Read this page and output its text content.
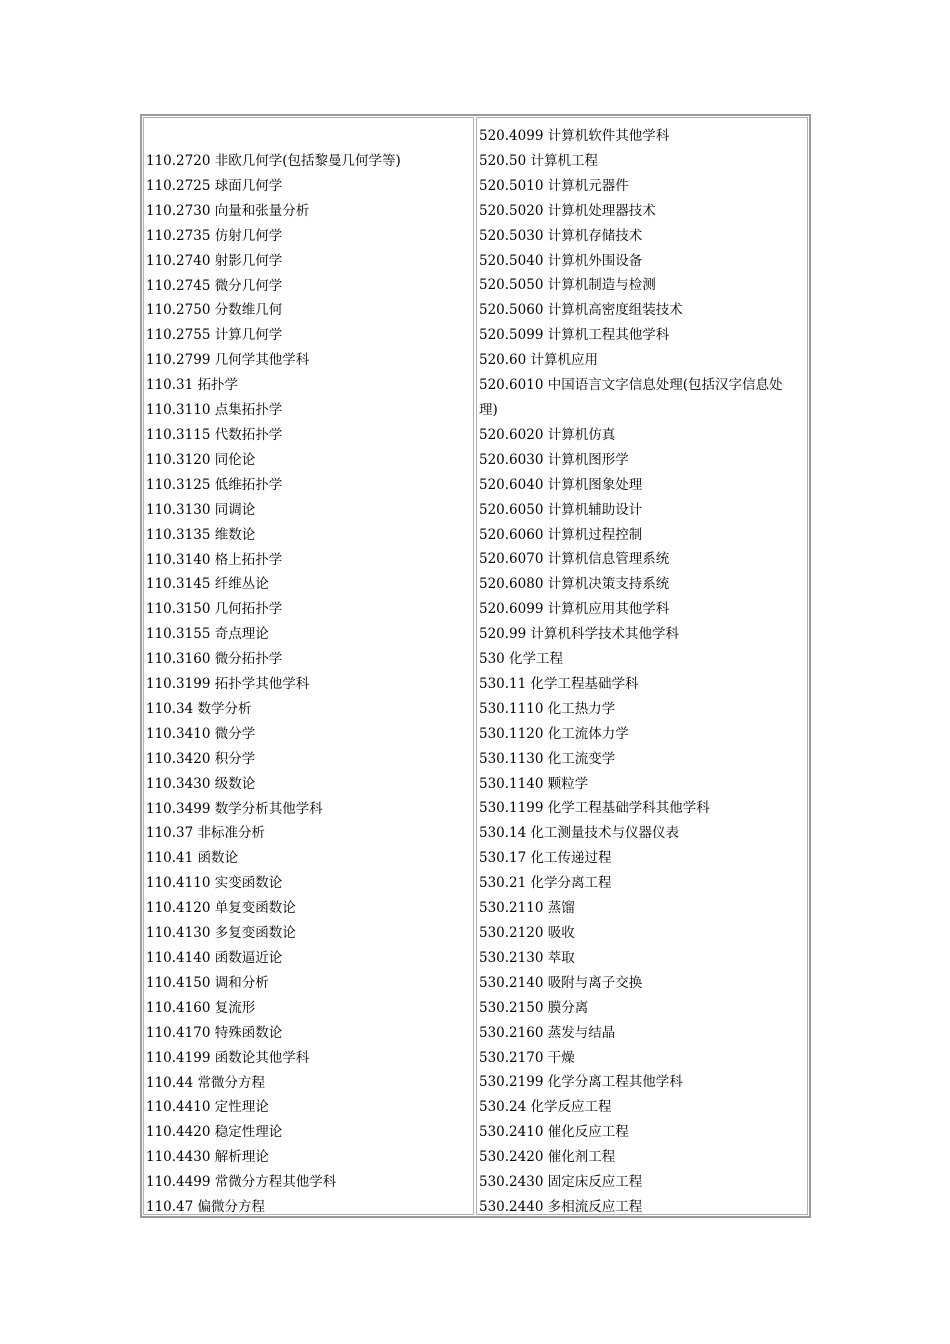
110.2720 非欧几何学(包括黎曼几何学等)
110.2725 球面几何学
110.2730 向量和张量分析
110.2735 仿射几何学
110.2740 射影几何学
110.2745 微分几何学
110.2750 分数维几何
110.2755 计算几何学
110.2799 几何学其他学科
110.31 拓扑学
110.3110 点集拓扑学
110.3115 代数拓扑学
110.3120 同伦论
110.3125 低维拓扑学
110.3130 同调论
110.3135 维数论
110.3140 格上拓扑学
110.3145 纤维丛论
110.3150 几何拓扑学
110.3155 奇点理论
110.3160 微分拓扑学
110.3199 拓扑学其他学科
110.34 数学分析
110.3410 微分学
110.3420 积分学
110.3430 级数论
110.3499 数学分析其他学科
110.37 非标准分析
110.41 函数论
110.4110 实变函数论
110.4120 单复变函数论
110.4130 多复变函数论
110.4140 函数逼近论
110.4150 调和分析
110.4160 复流形
110.4170 特殊函数论
110.4199 函数论其他学科
110.44 常微分方程
110.4410 定性理论
110.4420 稳定性理论
110.4430 解析理论
110.4499 常微分方程其他学科
110.47 偏微分方程
520.4099 计算机软件其他学科
520.50 计算机工程
520.5010 计算机元器件
520.5020 计算机处理器技术
520.5030 计算机存储技术
520.5040 计算机外围设备
520.5050 计算机制造与检测
520.5060 计算机高密度组装技术
520.5099 计算机工程其他学科
520.60 计算机应用
520.6010 中国语言文字信息处理(包括汉字信息处理)
520.6020 计算机仿真
520.6030 计算机图形学
520.6040 计算机图象处理
520.6050 计算机辅助设计
520.6060 计算机过程控制
520.6070 计算机信息管理系统
520.6080 计算机决策支持系统
520.6099 计算机应用其他学科
520.99 计算机科学技术其他学科
530 化学工程
530.11 化学工程基础学科
530.1110 化工热力学
530.1120 化工流体力学
530.1130 化工流变学
530.1140 颗粒学
530.1199 化学工程基础学科其他学科
530.14 化工测量技术与仪器仪表
530.17 化工传递过程
530.21 化学分离工程
530.2110 蒸馏
530.2120 吸收
530.2130 萃取
530.2140 吸附与离子交换
530.2150 膜分离
530.2160 蒸发与结晶
530.2170 干燥
530.2199 化学分离工程其他学科
530.24 化学反应工程
530.2410 催化反应工程
530.2420 催化剂工程
530.2430 固定床反应工程
530.2440 多相流反应工程
